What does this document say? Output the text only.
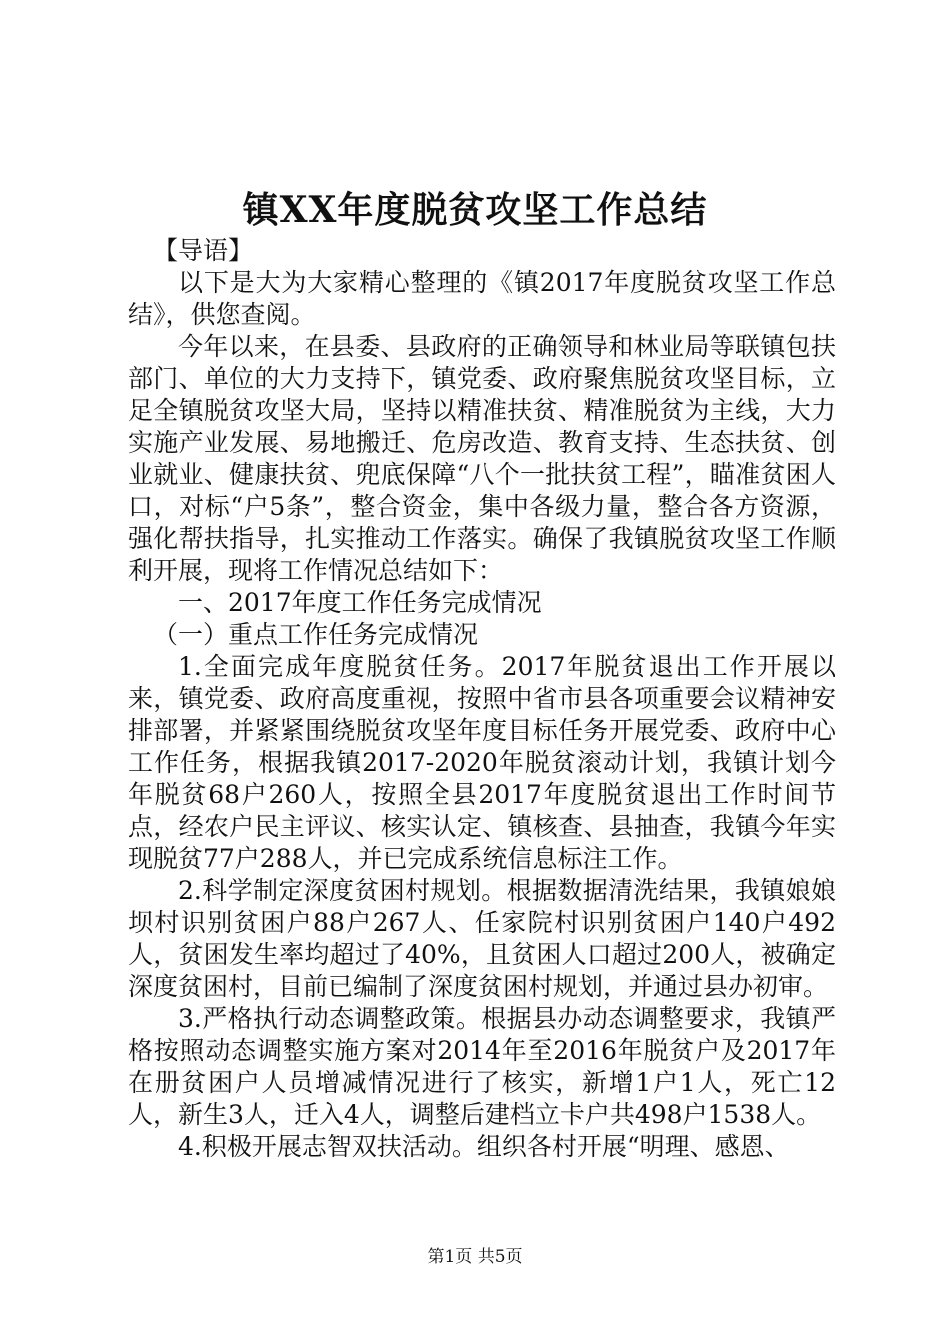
镇XX年度脱贫攻坚工作总结

【导语】

以下是大为大家精心整理的《镇2017年度脱贫攻坚工作总结》，供您查阅。

今年以来，在县委、县政府的正确领导和林业局等联镇包扶部门、单位的大力支持下，镇党委、政府聚焦脱贫攻坚目标，立足全镇脱贫攻坚大局，坚持以精准扶贫、精准脱贫为主线，大力实施产业发展、易地搬迁、危房改造、教育支持、生态扶贫、创业就业、健康扶贫、兜底保障“八个一批扶贫工程”，瞄准贫困人口，对标“户5条”，整合资金，集中各级力量，整合各方资源，强化帮扶指导，扎实推动工作落实。确保了我镇脱贫攻坚工作顺利开展，现将工作情况总结如下：

一、2017年度工作任务完成情况

（一）重点工作任务完成情况

1.全面完成年度脱贫任务。2017年脱贫退出工作开展以来，镇党委、政府高度重视，按照中省市县各项重要会议精神安排部署，并紧紧围绕脱贫攻坚年度目标任务开展党委、政府中心工作任务，根据我镇2017-2020年脱贫滚动计划，我镇计划今年脱贫68户260人，按照全县2017年度脱贫退出工作时间节点，经农户民主评议、核实认定、镇核查、县抽查，我镇今年实现脱贫77户288人，并已完成系统信息标注工作。

2.科学制定深度贫困村规划。根据数据清洗结果，我镇娘娘坝村识别贫困户88户267人、任家院村识别贫困户140户492人，贫困发生率均超过了40%，且贫困人口超过200人，被确定深度贫困村，目前已编制了深度贫困村规划，并通过县办初审。

3.严格执行动态调整政策。根据县办动态调整要求，我镇严格按照动态调整实施方案对2014年至2016年脱贫户及2017年在册贫困户人员增减情况进行了核实，新增1户1人，死亡12人，新生3人，迁入4人，调整后建档立卡户共498户1538人。

4.积极开展志智双扶活动。组织各村开展“明理、感恩、

第1页 共5页
